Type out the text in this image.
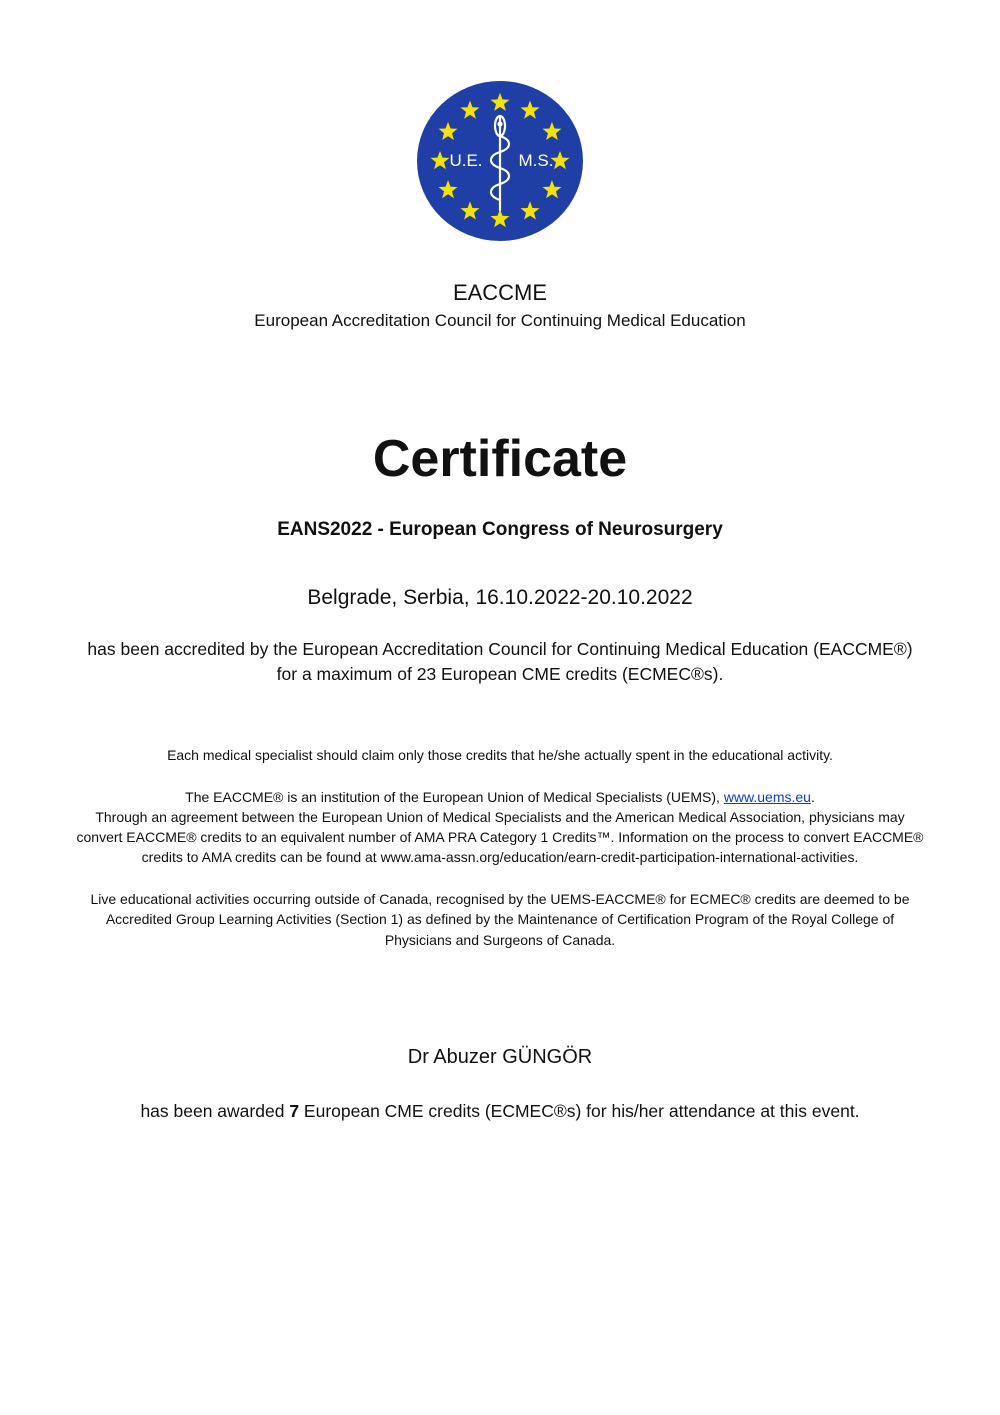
U.E. M.S.
EACCME
European Accreditation Council for Continuing Medical Education
Certificate
EANS2022 - European Congress of Neurosurgery
Belgrade, Serbia, 16.10.2022-20.10.2022
has been accredited by the European Accreditation Council for Continuing Medical Education (EACCME®)
for a maximum of 23 European CME credits (ECMEC®s).
Each medical specialist should claim only those credits that he/she actually spent in the educational activity.
The EACCME® is an institution of the European Union of Medical Specialists (UEMS), www.uems.eu.
Through an agreement between the European Union of Medical Specialists and the American Medical Association, physicians may
convert EACCME® credits to an equivalent number of AMA PRA Category 1 Credits™. Information on the process to convert EACCME®
credits to AMA credits can be found at www.ama-assn.org/education/earn-credit-participation-international-activities.
Live educational activities occurring outside of Canada, recognised by the UEMS-EACCME® for ECMEC® credits are deemed to be
Accredited Group Learning Activities (Section 1) as defined by the Maintenance of Certification Program of the Royal College of
Physicians and Surgeons of Canada.
Dr Abuzer GÜNGÖR
has been awarded 7 European CME credits (ECMEC®s) for his/her attendance at this event.
